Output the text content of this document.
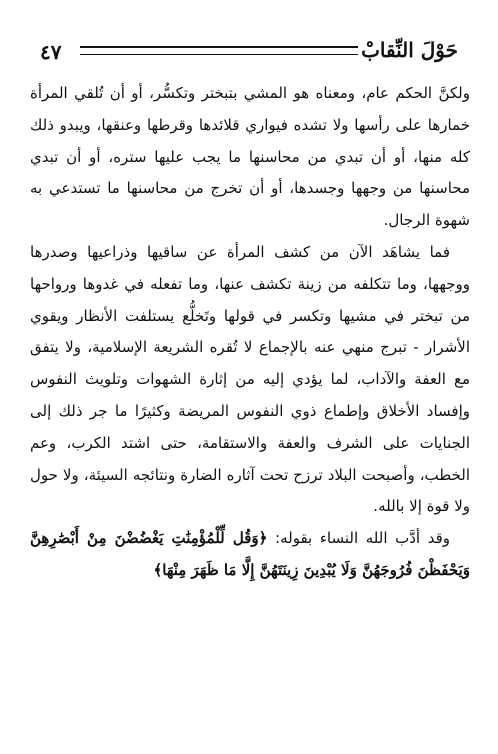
٤٧	حَوْلَ النِّقابْ

ولكنَّ الحكم عام، ومعناه هو المشي بتبختر وتكسُّر، أو أن تُلقي المرأة خمارها على رأسها ولا تشده فيواري قلائدها وقرطها وعنقها، ويبدو ذلك كله منها، أو أن تبدي من محاسنها ما يجب عليها ستره، أو أن تبدي محاسنها من وجهها وجسدها، أو أن تخرج من محاسنها ما تستدعي به شهوة الرجال.

فما يشاهَد الآن من كشف المرأة عن ساقيها وذراعيها وصدرها ووجهها، وما تتكلفه من زينة تكشف عنها، وما تفعله في غدوها ورواحها من تبختر في مشيها وتكسر في قولها وتَخلُّع يستلفت الأنظار ويقوي الأشرار - تبرج منهي عنه بالإجماع لا تُقره الشريعة الإسلامية، ولا يتفق مع العفة والآداب، لما يؤدي إليه من إثارة الشهوات وتلويث النفوس وإفساد الأخلاق وإطماع ذوي النفوس المريضة وكثيرًا ما جر ذلك إلى الجنايات على الشرف والعفة والاستقامة، حتى اشتد الكرب، وعم الخطب، وأصبحت البلاد ترزح تحت آثاره الضارة ونتائجه السيئة، ولا حول ولا قوة إلا بالله.

وقد أدَّب الله النساء بقوله: ﴿وَقُل لِّلْمُؤْمِنَٰتِ يَغْضُضْنَ مِنْ أَبْصَٰرِهِنَّ وَيَحْفَظْنَ فُرُوجَهُنَّ وَلَا يُبْدِينَ زِينَتَهُنَّ إِلَّا مَا ظَهَرَ مِنْهَا﴾
